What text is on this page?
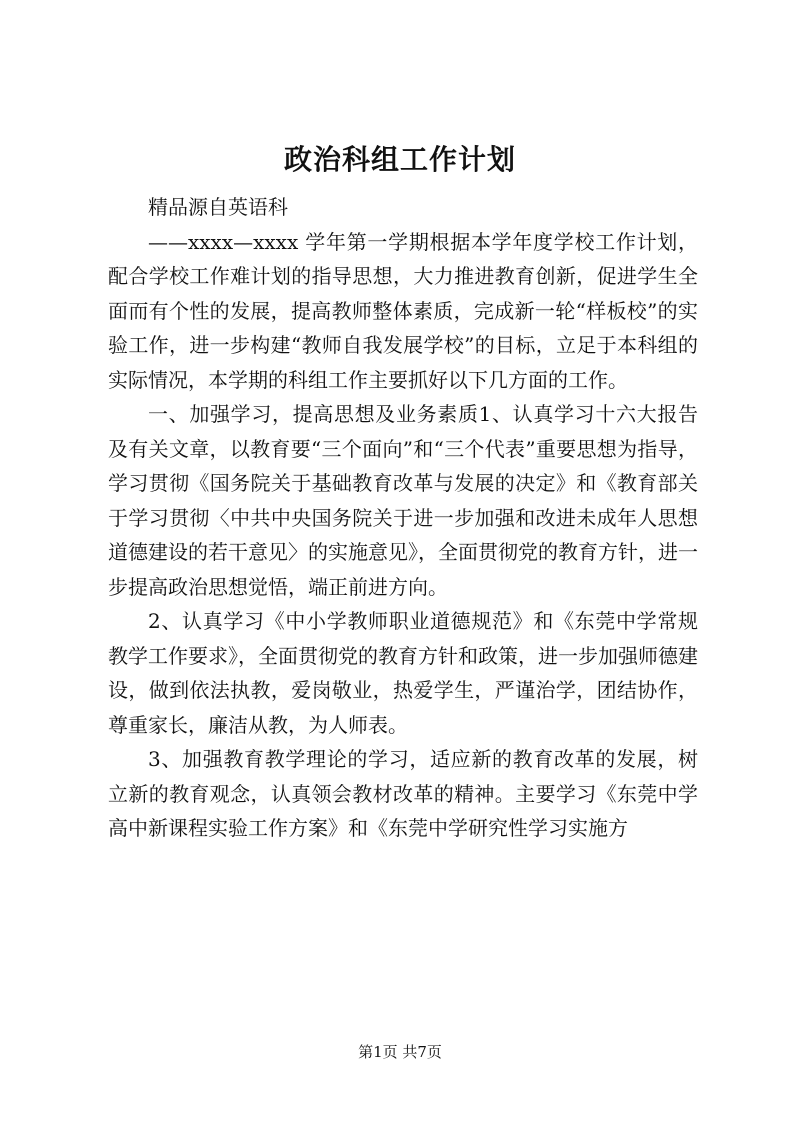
政治科组工作计划

精品源自英语科

——xxxx—xxxx 学年第一学期根据本学年度学校工作计划，配合学校工作难计划的指导思想，大力推进教育创新，促进学生全面而有个性的发展，提高教师整体素质，完成新一轮“样板校”的实验工作，进一步构建“教师自我发展学校”的目标，立足于本科组的实际情况，本学期的科组工作主要抓好以下几方面的工作。

一、加强学习，提高思想及业务素质1、认真学习十六大报告及有关文章，以教育要“三个面向”和“三个代表”重要思想为指导，学习贯彻《国务院关于基础教育改革与发展的决定》和《教育部关于学习贯彻〈中共中央国务院关于进一步加强和改进未成年人思想道德建设的若干意见〉的实施意见》，全面贯彻党的教育方针，进一步提高政治思想觉悟，端正前进方向。

2、认真学习《中小学教师职业道德规范》和《东莞中学常规教学工作要求》，全面贯彻党的教育方针和政策，进一步加强师德建设，做到依法执教，爱岗敬业，热爱学生，严谨治学，团结协作，尊重家长，廉洁从教，为人师表。

3、加强教育教学理论的学习，适应新的教育改革的发展，树立新的教育观念，认真领会教材改革的精神。主要学习《东莞中学高中新课程实验工作方案》和《东莞中学研究性学习实施方

第1页 共7页
